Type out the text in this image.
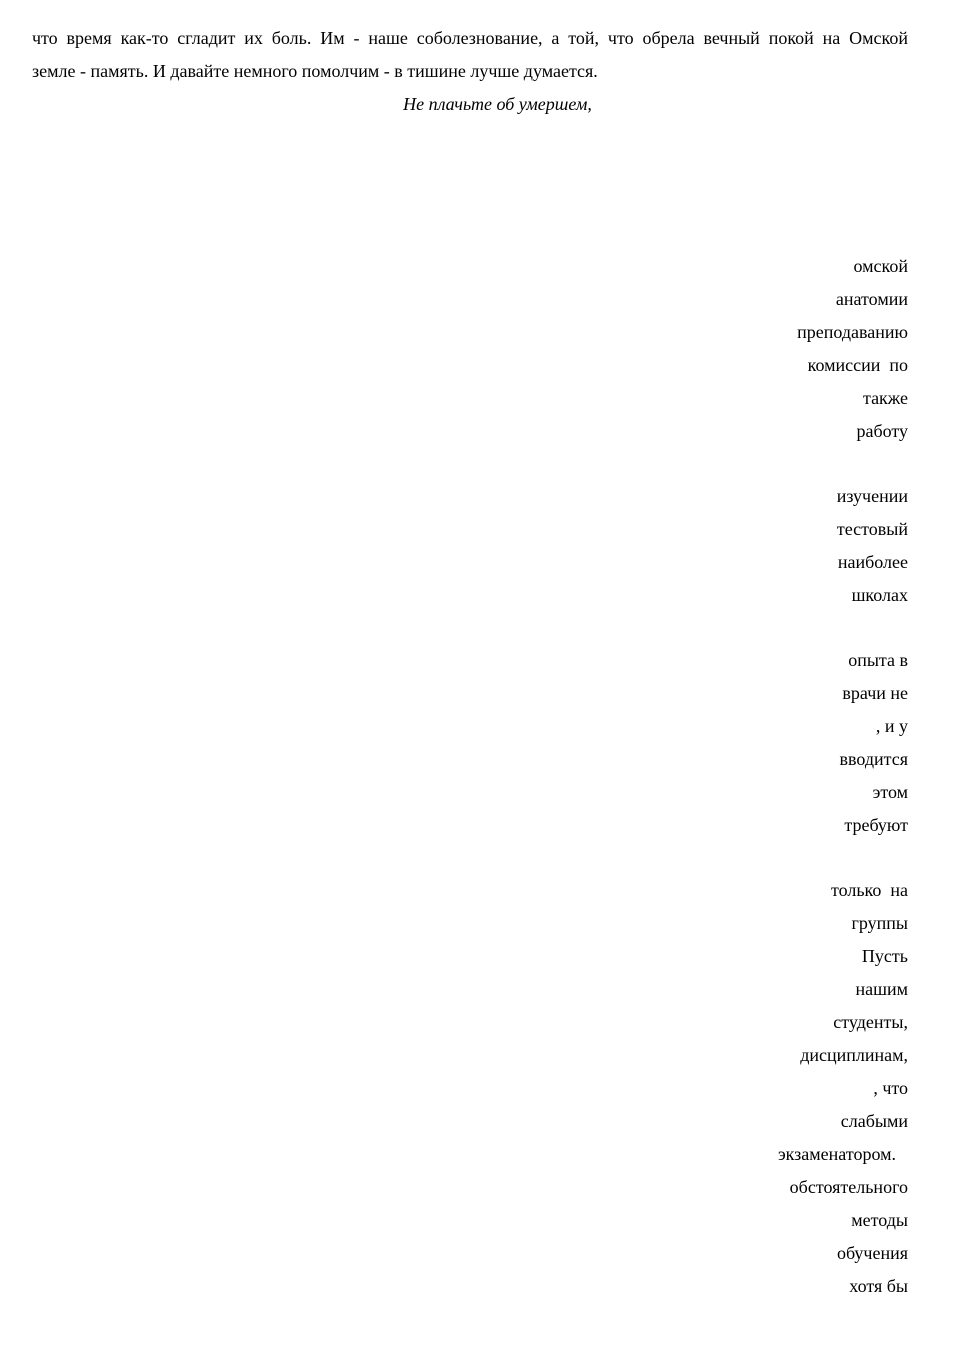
что время как-то сгладит их боль. Им - наше соболезнование, а той, что обрела вечный покой на Омской
земле - память. И давайте немного помолчим - в тишине лучше думается.
Не плачьте об умершем,
омской
анатомии
преподаванию
комиссии  по
также
работу
изучении
тестовый
наиболее
школах
опыта в
врачи не
, и у
вводится
этом
требуют
только  на
группы
Пусть
нашим
студенты,
дисциплинам,
, что
слабыми
экзаменатором.
обстоятельного
методы
обучения
хотя бы
